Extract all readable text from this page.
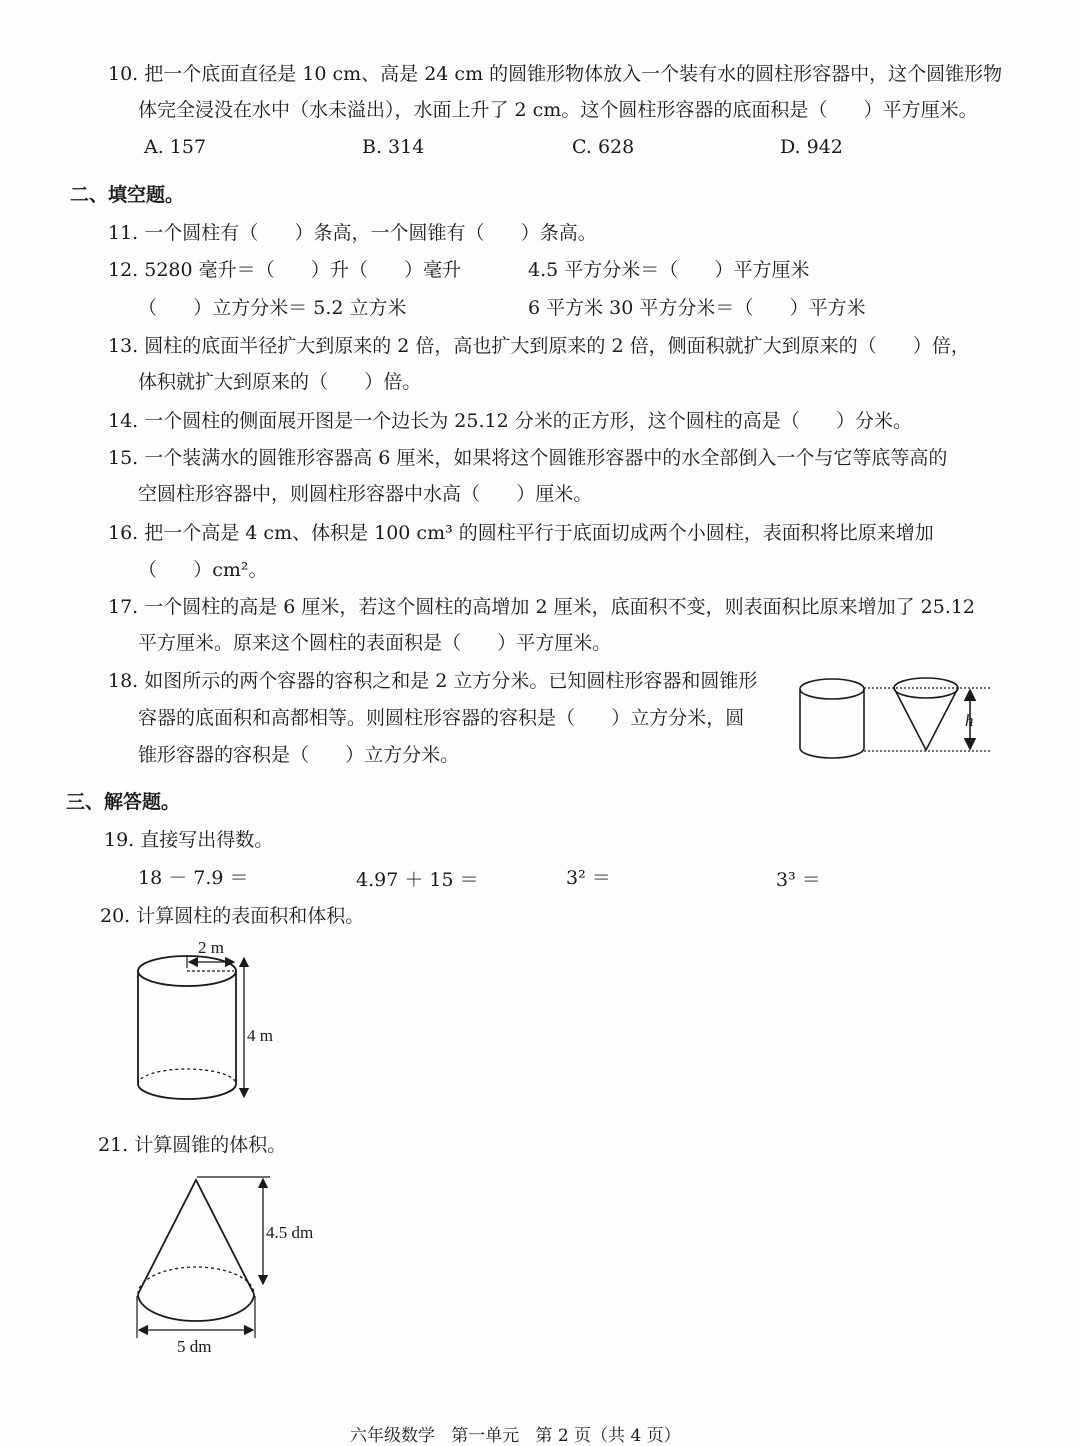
10. 把一个底面直径是 10 cm、高是 24 cm 的圆锥形物体放入一个装有水的圆柱形容器中，这个圆锥形物
体完全浸没在水中（水未溢出），水面上升了 2 cm。这个圆柱形容器的底面积是（      ）平方厘米。
A. 157	B. 314	C. 628	D. 942
二、填空题。
11. 一个圆柱有（      ）条高，一个圆锥有（      ）条高。
12. 5280 毫升＝（      ）升（      ）毫升	4.5 平方分米＝（      ）平方厘米
（      ）立方分米＝ 5.2 立方米	6 平方米 30 平方分米＝（      ）平方米
13. 圆柱的底面半径扩大到原来的 2 倍，高也扩大到原来的 2 倍，侧面积就扩大到原来的（      ）倍，
体积就扩大到原来的（      ）倍。
14. 一个圆柱的侧面展开图是一个边长为 25.12 分米的正方形，这个圆柱的高是（      ）分米。
15. 一个装满水的圆锥形容器高 6 厘米，如果将这个圆锥形容器中的水全部倒入一个与它等底等高的
空圆柱形容器中，则圆柱形容器中水高（      ）厘米。
16. 把一个高是 4 cm、体积是 100 cm³ 的圆柱平行于底面切成两个小圆柱，表面积将比原来增加
（      ）cm²。
17. 一个圆柱的高是 6 厘米，若这个圆柱的高增加 2 厘米，底面积不变，则表面积比原来增加了 25.12
平方厘米。原来这个圆柱的表面积是（      ）平方厘米。
18. 如图所示的两个容器的容积之和是 2 立方分米。已知圆柱形容器和圆锥形
容器的底面积和高都相等。则圆柱形容器的容积是（      ）立方分米，圆
锥形容器的容积是（      ）立方分米。
三、解答题。
19. 直接写出得数。
18 － 7.9 ＝	4.97 ＋ 15 ＝	3² ＝	3³ ＝
20. 计算圆柱的表面积和体积。
21. 计算圆锥的体积。
h
2 m
4 m
4.5 dm
5 dm
六年级数学   第一单元   第 2 页（共 4 页）
